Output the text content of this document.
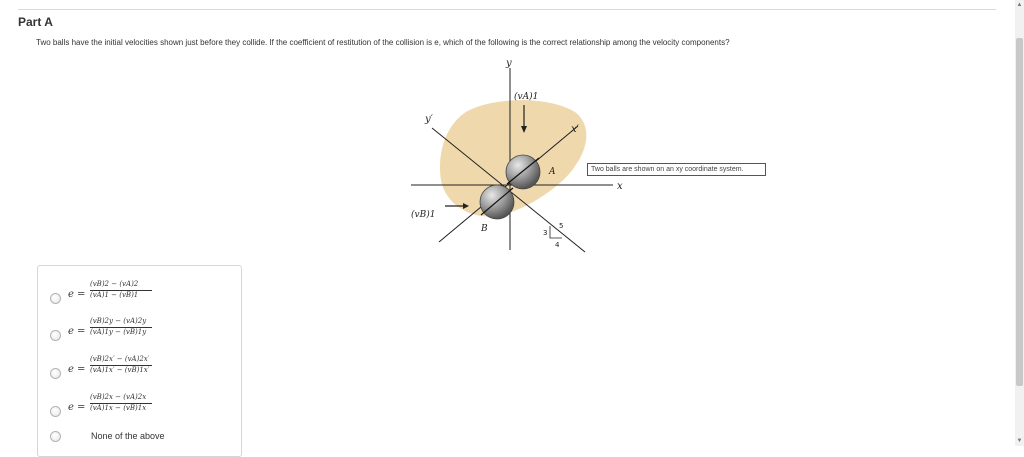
Part A
Two balls have the initial velocities shown just before they collide. If the coefficient of restitution of the collision is e, which of the following is the correct relationship among the velocity components?
y
y′
x′
x
(vA)1
(vB)1
A
B	3
4
5
Two balls are shown on an xy coordinate system.
e =
(vB)2 − (vA)2
(vA)1 − (vB)1
e =
(vB)2y − (vA)2y
(vA)1y − (vB)1y
e =
(vB)2x′ − (vA)2x′
(vA)1x′ − (vB)1x′
e =
(vB)2x − (vA)2x
(vA)1x − (vB)1x
None of the above
▲
▼
